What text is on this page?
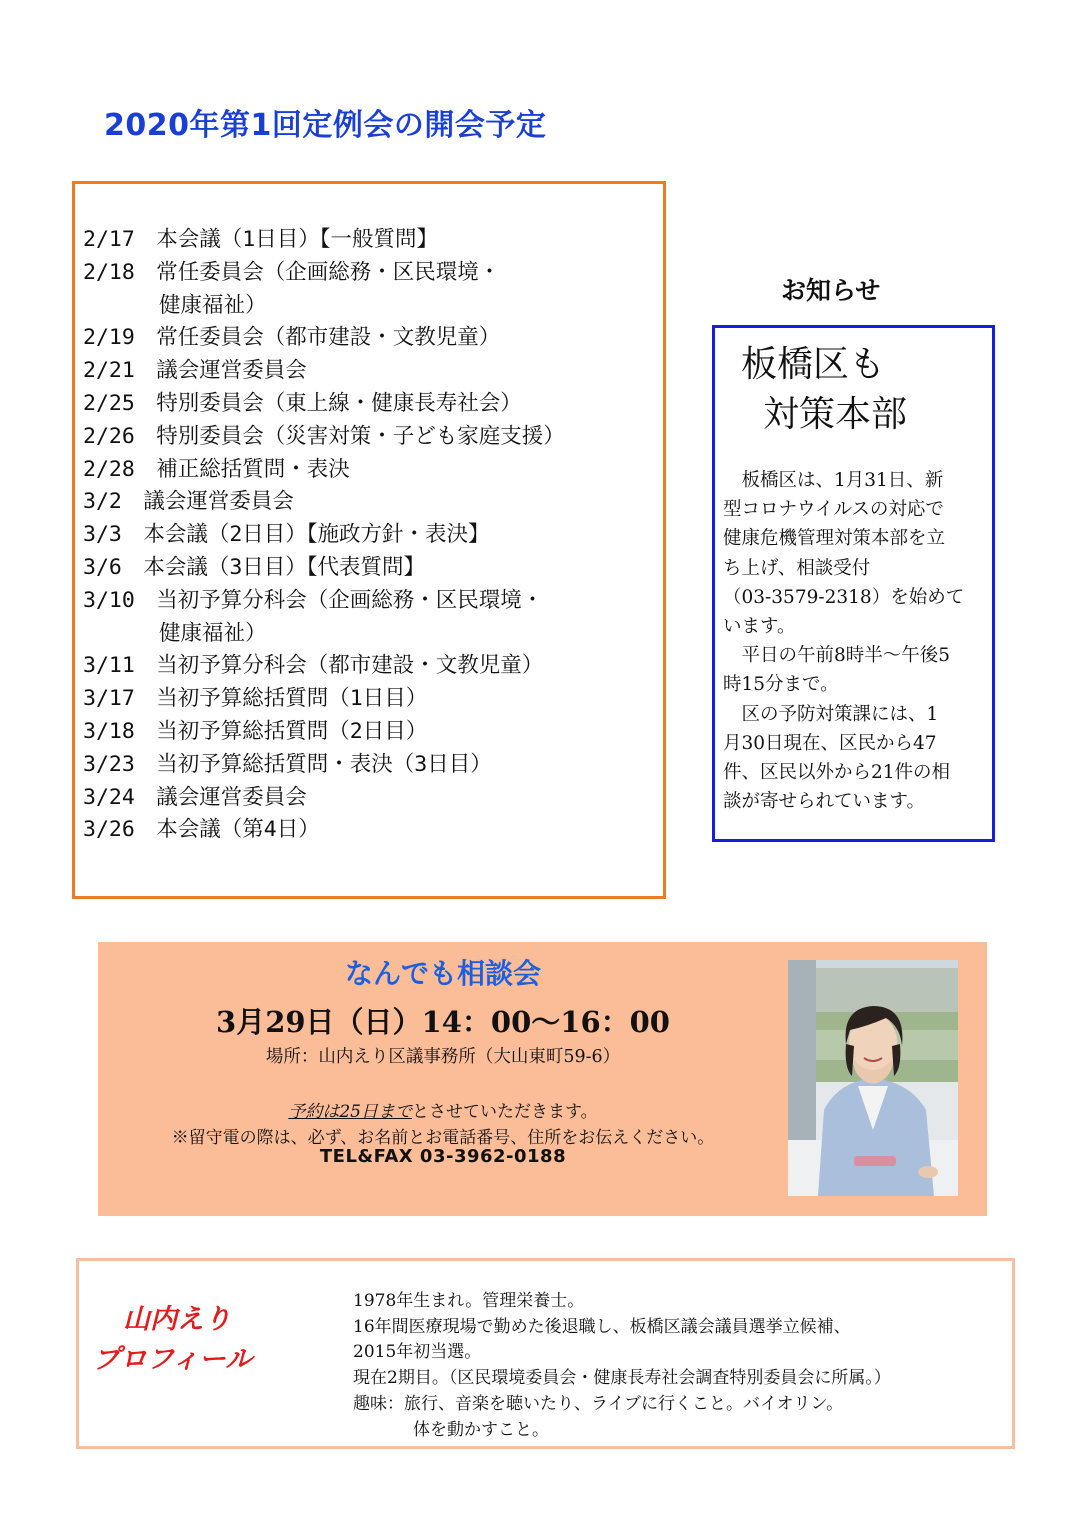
2020年第1回定例会の開会予定
2/17　本会議（1日目）【一般質問】
2/18　常任委員会（企画総務・区民環境・
健康福祉）
2/19　常任委員会（都市建設・文教児童）
2/21　議会運営委員会
2/25　特別委員会（東上線・健康長寿社会）
2/26　特別委員会（災害対策・子ども家庭支援）
2/28　補正総括質問・表決
3/2　議会運営委員会
3/3　本会議（2日目）【施政方針・表決】
3/6　本会議（3日目）【代表質問】
3/10　当初予算分科会（企画総務・区民環境・
健康福祉）
3/11　当初予算分科会（都市建設・文教児童）
3/17　当初予算総括質問（1日目）
3/18　当初予算総括質問（2日目）
3/23　当初予算総括質問・表決（3日目）
3/24　議会運営委員会
3/26　本会議（第4日）
お知らせ
板橋区も
対策本部
　板橋区は、1月31日、新
型コロナウイルスの対応で
健康危機管理対策本部を立
ち上げ、相談受付
（03-3579-2318）を始めて
います。
　平日の午前8時半～午後5
時15分まで。
　区の予防対策課には、1
月30日現在、区民から47
件、区民以外から21件の相
談が寄せられています。
なんでも相談会
3月29日（日）14：00～16：00
場所：山内えり区議事務所（大山東町59-6）
予約は25日までとさせていただきます。
※留守電の際は、必ず、お名前とお電話番号、住所をお伝えください。
TEL&FAX 03-3962-0188
山内えり
プロフィール
1978年生まれ。管理栄養士。
16年間医療現場で勤めた後退職し、板橋区議会議員選挙立候補、
2015年初当選。
現在2期目。（区民環境委員会・健康長寿社会調査特別委員会に所属。）
趣味：旅行、音楽を聴いたり、ライブに行くこと。バイオリン。
体を動かすこと。
